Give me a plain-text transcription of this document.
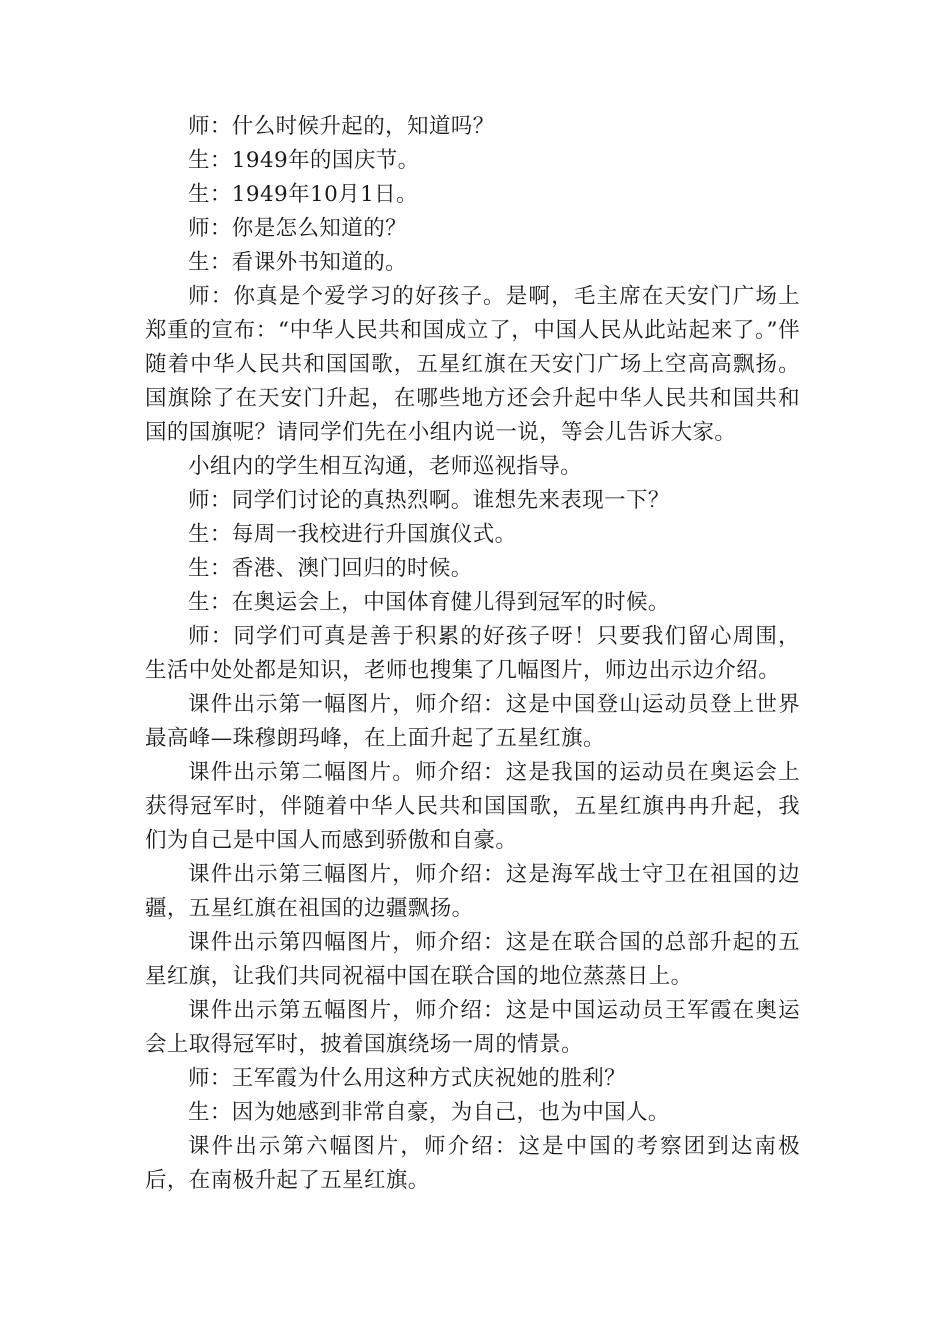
师：什么时候升起的，知道吗？

生：1949年的国庆节。

生：1949年10月1日。

师：你是怎么知道的？

生：看课外书知道的。

师：你真是个爱学习的好孩子。是啊，毛主席在天安门广场上郑重的宣布：“中华人民共和国成立了，中国人民从此站起来了。”伴随着中华人民共和国国歌，五星红旗在天安门广场上空高高飘扬。国旗除了在天安门升起，在哪些地方还会升起中华人民共和国共和国的国旗呢？请同学们先在小组内说一说，等会儿告诉大家。

小组内的学生相互沟通，老师巡视指导。

师：同学们讨论的真热烈啊。谁想先来表现一下？

生：每周一我校进行升国旗仪式。

生：香港、澳门回归的时候。

生：在奥运会上，中国体育健儿得到冠军的时候。

师：同学们可真是善于积累的好孩子呀！只要我们留心周围，生活中处处都是知识，老师也搜集了几幅图片，师边出示边介绍。

课件出示第一幅图片，师介绍：这是中国登山运动员登上世界最高峰—珠穆朗玛峰，在上面升起了五星红旗。

课件出示第二幅图片。师介绍：这是我国的运动员在奥运会上获得冠军时，伴随着中华人民共和国国歌，五星红旗冉冉升起，我们为自己是中国人而感到骄傲和自豪。

课件出示第三幅图片，师介绍：这是海军战士守卫在祖国的边疆，五星红旗在祖国的边疆飘扬。

课件出示第四幅图片，师介绍：这是在联合国的总部升起的五星红旗，让我们共同祝福中国在联合国的地位蒸蒸日上。

课件出示第五幅图片，师介绍：这是中国运动员王军霞在奥运会上取得冠军时，披着国旗绕场一周的情景。

师：王军霞为什么用这种方式庆祝她的胜利？

生：因为她感到非常自豪，为自己，也为中国人。

课件出示第六幅图片，师介绍：这是中国的考察团到达南极后，在南极升起了五星红旗。
